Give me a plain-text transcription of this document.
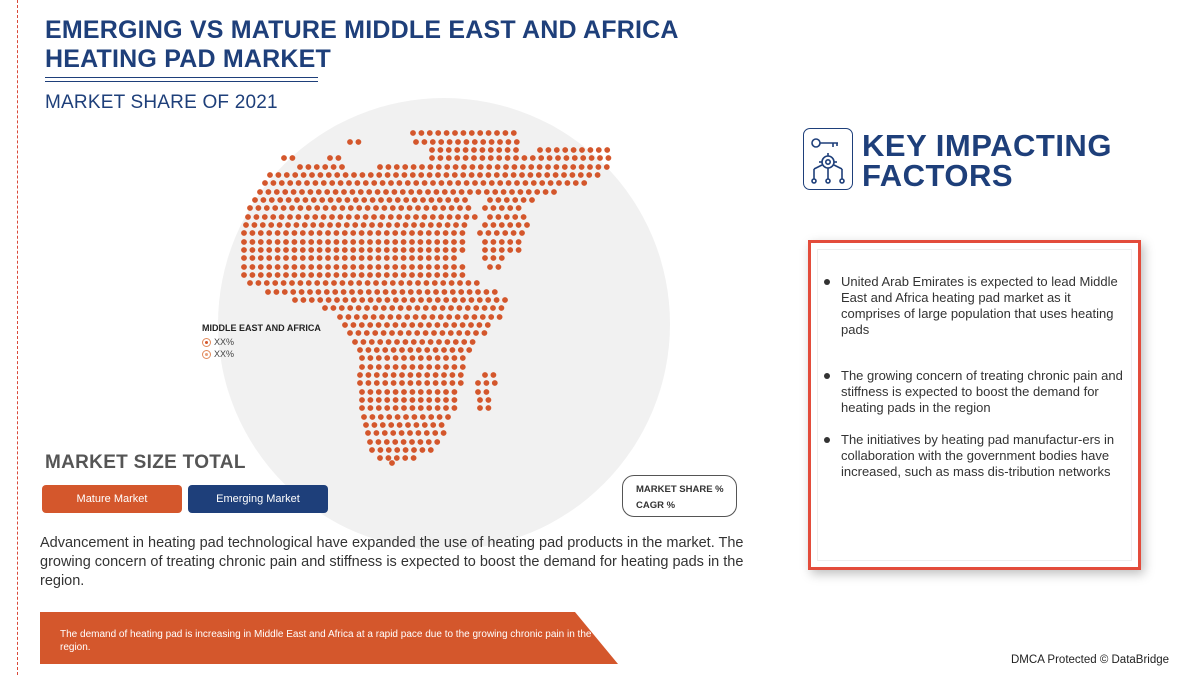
EMERGING VS MATURE MIDDLE EAST AND AFRICA HEATING PAD MARKET
MARKET SHARE OF 2021
MIDDLE EAST AND AFRICA
XX%
XX%
MARKET SIZE TOTAL
Mature Market	Emerging Market
MARKET SHARE %
CAGR %
Advancement in heating pad technological have expanded the use of heating pad products in the market. The growing concern of treating chronic pain and stiffness is expected to boost the demand for heating pads in the region.
The demand of heating pad is increasing in Middle East and Africa at a rapid pace due to the growing chronic pain in the region.
KEY IMPACTING
FACTORS
United Arab Emirates is expected to lead Middle East and Africa heating pad market as it comprises of large population that uses heating pads
The growing concern of treating chronic pain and stiffness is expected to boost the demand for heating pads in the region
The initiatives by heating pad manufactur-ers in collaboration with the government bodies have increased, such as mass dis-tribution networks
DMCA Protected © DataBridge
